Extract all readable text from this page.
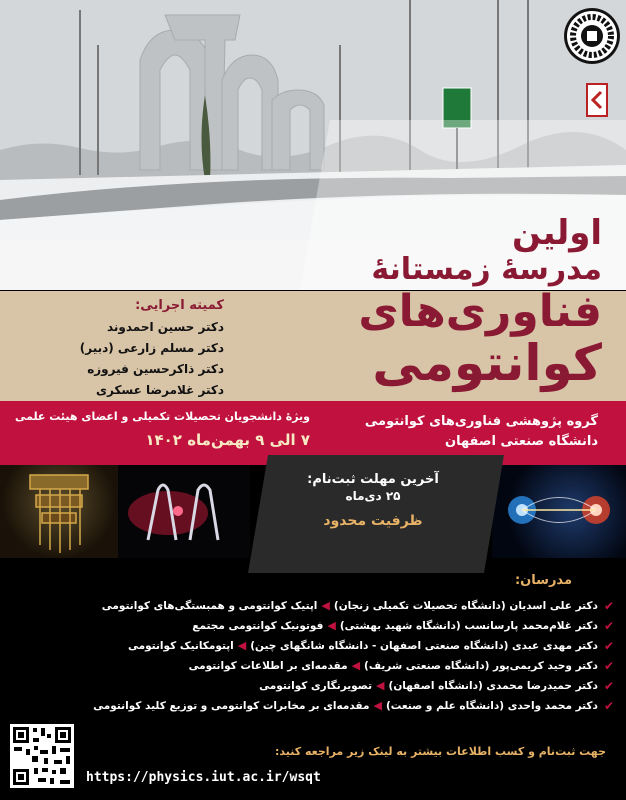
اولین
مدرسهٔ زمستانهٔ
فناوری‌های
کوانتومی
کمیته اجرایی:
دکتر حسین احمدوند
دکتر مسلم زارعی (دبیر)
دکتر ذاکرحسین فیروزه
دکتر غلامرضا عسکری
ویژهٔ دانشجویان تحصیلات تکمیلی و اعضای هیئت علمی
۷ الی ۹ بهمن‌ماه ۱۴۰۲
گروه پژوهشی فناوری‌های کوانتومی
دانشگاه صنعتی اصفهان
آخرین مهلت ثبت‌نام:
۲۵ دی‌ماه
ظرفیت محدود
مدرسان:
✔
دکتر علی اسدیان (دانشگاه تحصیلات تکمیلی زنجان)
◀
اپتیک کوانتومی و همبستگی‌های کوانتومی
✔
دکتر غلام‌محمد پارسانسب (دانشگاه شهید بهشتی)
◀
فوتونیک کوانتومی مجتمع
✔
دکتر مهدی عبدی (دانشگاه صنعتی اصفهان - دانشگاه شانگهای چین)
◀
اپتومکانیک کوانتومی
✔
دکتر وحید کریمی‌پور (دانشگاه صنعتی شریف)
◀
مقدمه‌ای بر اطلاعات کوانتومی
✔
دکتر حمیدرضا محمدی (دانشگاه اصفهان)
◀
تصویرنگاری کوانتومی
✔
دکتر محمد واحدی (دانشگاه علم و صنعت)
◀
مقدمه‌ای بر مخابرات کوانتومی و توزیع کلید کوانتومی
جهت ثبت‌نام و کسب اطلاعات بیشتر به لینک زیر مراجعه کنید:
https://physics.iut.ac.ir/wsqt
